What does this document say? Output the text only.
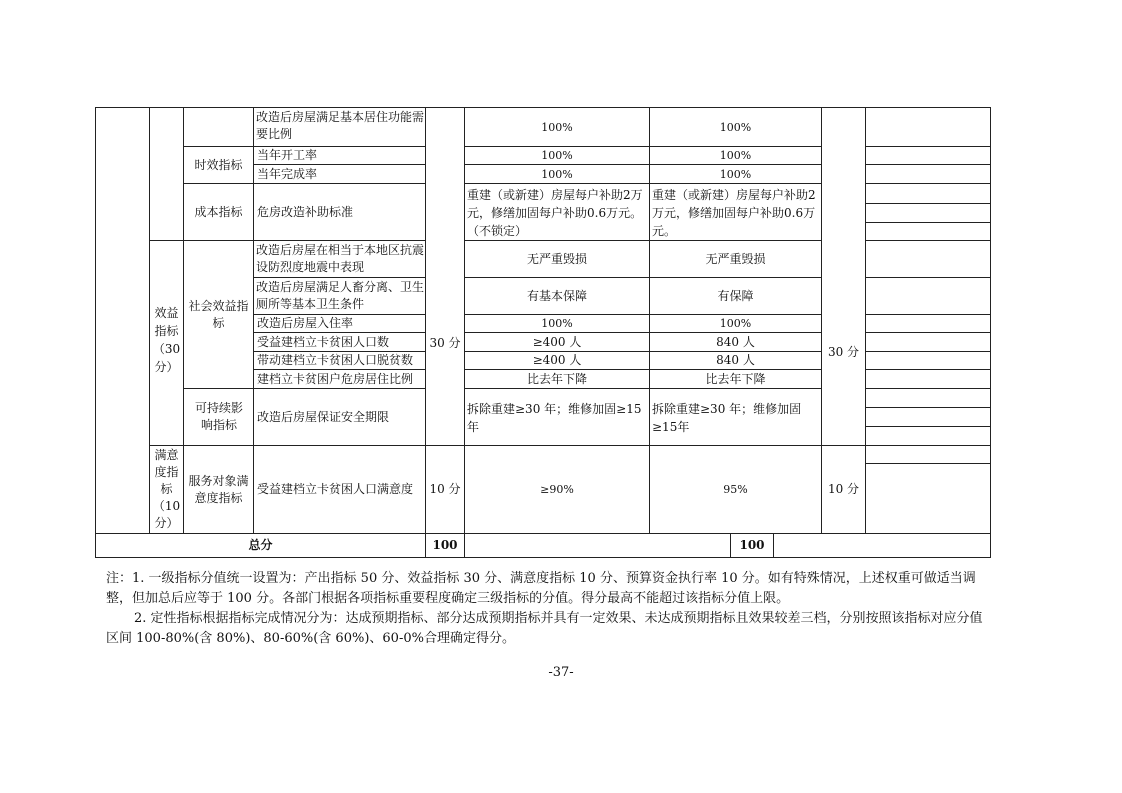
效益指标（30分）
满意度指标（10分）
时效指标
成本指标
社会效益指标
可持续影响指标
服务对象满意度指标
改造后房屋满足基本居住功能需要比例
当年开工率
当年完成率
危房改造补助标准
改造后房屋在相当于本地区抗震设防烈度地震中表现
改造后房屋满足人畜分离、卫生厕所等基本卫生条件
改造后房屋入住率
受益建档立卡贫困人口数
带动建档立卡贫困人口脱贫数
建档立卡贫困户危房居住比例
改造后房屋保证安全期限
受益建档立卡贫困人口满意度
30 分
10 分
100%
100%
100%
重建（或新建）房屋每户补助2万元，修缮加固每户补助0.6万元。（不锁定）
无严重毁损
有基本保障
100%
≥400 人
≥400 人
比去年下降
拆除重建≥30 年；维修加固≥15年
≥90%
100%
100%
100%
重建（或新建）房屋每户补助2万元，修缮加固每户补助0.6万元。
无严重毁损
有保障
100%
840 人
840 人
比去年下降
拆除重建≥30 年；维修加固≥15年
95%
30 分
10 分
总分	100	100
注：1. 一级指标分值统一设置为：产出指标 50 分、效益指标 30 分、满意度指标 10 分、预算资金执行率 10 分。如有特殊情况，上述权重可做适当调整，但加总后应等于 100 分。各部门根据各项指标重要程度确定三级指标的分值。得分最高不能超过该指标分值上限。
2. 定性指标根据指标完成情况分为：达成预期指标、部分达成预期指标并具有一定效果、未达成预期指标且效果较差三档，分别按照该指标对应分值区间 100-80%(含 80%)、80-60%(含 60%)、60-0%合理确定得分。
-37-
